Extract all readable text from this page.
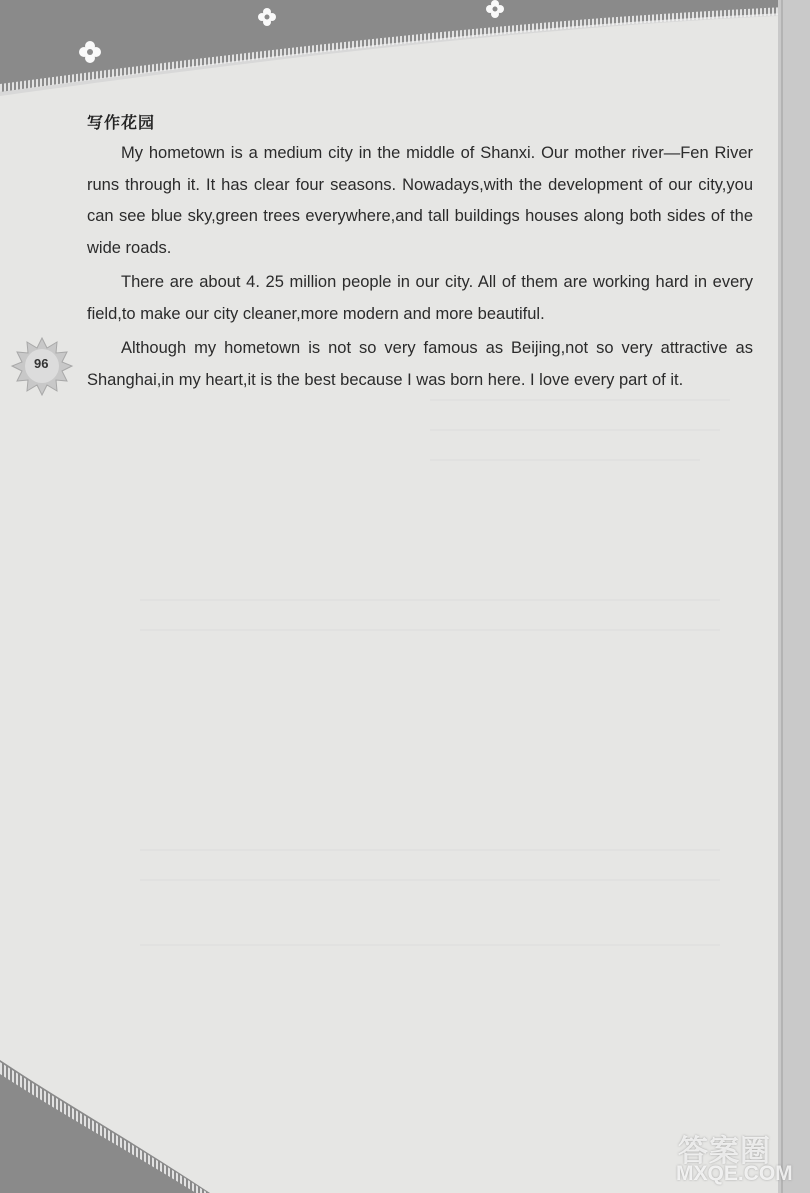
写作花园

My hometown is a medium city in the middle of Shanxi. Our mother river—Fen River runs through it. It has clear four seasons. Nowadays,with the development of our city,you can see blue sky,green trees everywhere,and tall buildings houses along both sides of the wide roads.

There are about 4. 25 million people in our city. All of them are working hard in every field,to make our city cleaner,more modern and more beautiful.

Although my hometown is not so very famous as Beijing,not so very attractive as Shanghai,in my heart,it is the best because I was born here. I love every part of it.

96
答案圈
MXQE.COM
